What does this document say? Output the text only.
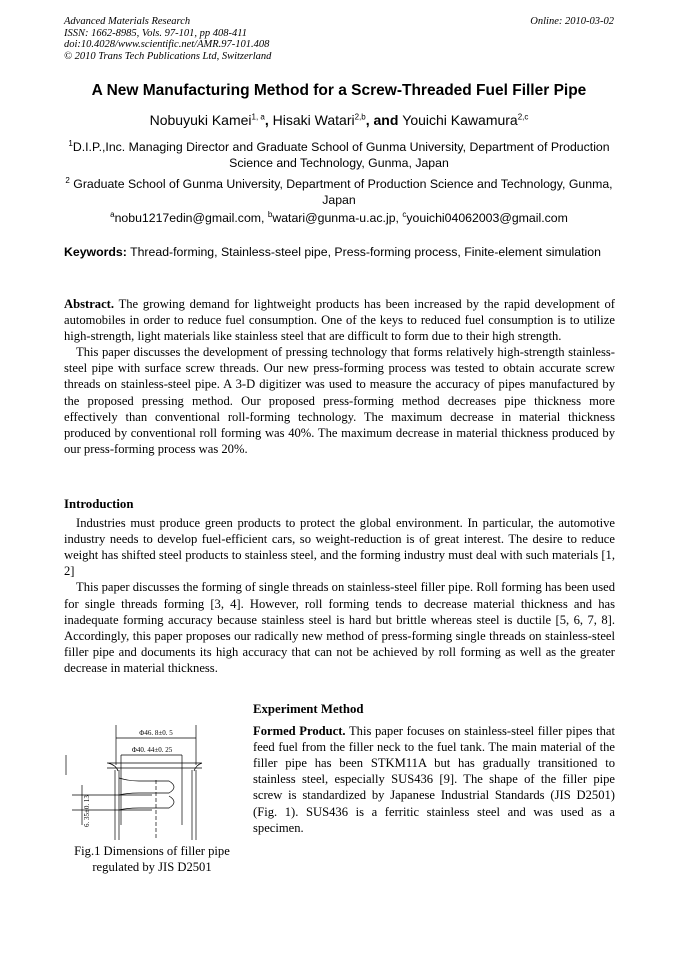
Advanced Materials Research
ISSN: 1662-8985, Vols. 97-101, pp 408-411
doi:10.4028/www.scientific.net/AMR.97-101.408
© 2010 Trans Tech Publications Ltd, Switzerland
Online: 2010-03-02
A New Manufacturing Method for a Screw-Threaded Fuel Filler Pipe
Nobuyuki Kamei$^{1, a}$, Hisaki Watari$^{2,b}$, and Youichi Kawamura$^{2,c}$
$^1$D.I.P.,Inc. Managing Director and Graduate School of Gunma University, Department of Production Science and Technology, Gunma, Japan
$^2$ Graduate School of Gunma University, Department of Production Science and Technology, Gunma, Japan
$^a$nobu1217edin@gmail.com, $^b$watari@gunma-u.ac.jp, $^c$youichi04062003@gmail.com
Keywords: Thread-forming, Stainless-steel pipe, Press-forming process, Finite-element simulation

Abstract. The growing demand for lightweight products has been increased by the rapid development of automobiles in order to reduce fuel consumption. One of the keys to reduced fuel consumption is to utilize high-strength, light materials like stainless steel that are difficult to form due to their high strength.

This paper discusses the development of pressing technology that forms relatively high-strength stainless-steel pipe with surface screw threads. Our new press-forming process was tested to obtain accurate screw threads on stainless-steel pipe. A 3-D digitizer was used to measure the accuracy of pipes manufactured by the proposed pressing method. Our proposed press-forming method decreases pipe thickness more effectively than conventional roll-forming technology. The maximum decrease in material thickness produced by conventional roll forming was 40%. The maximum decrease in material thickness produced by our press-forming process was 20%.

Introduction

Industries must produce green products to protect the global environment. In particular, the automotive industry needs to develop fuel-efficient cars, so weight-reduction is of great interest. The desire to reduce weight has shifted steel products to stainless steel, and the forming industry must deal with such materials [1, 2]

This paper discusses the forming of single threads on stainless-steel filler pipe. Roll forming has been used for single threads forming [3, 4]. However, roll forming tends to decrease material thickness and has inadequate forming accuracy because stainless steel is hard but brittle whereas steel is ductile [5, 6, 7, 8]. Accordingly, this paper proposes our radically new method of press-forming single threads on stainless-steel filler pipe and documents its high accuracy that can not be achieved by roll forming as well as the greater decrease in material thickness.

Experiment Method

Formed Product. This paper focuses on stainless-steel filler pipes that feed fuel from the filler neck to the fuel tank. The main material of the filler pipe has been STKM11A but has gradually transitioned to stainless steel, especially SUS436 [9]. The shape of the filler pipe screw is standardized by Japanese Industrial Standards (JIS D2501) (Fig. 1). SUS436 is a ferritic stainless steel and was used as a specimen.

Φ46. 8±0. 5
Φ40. 44±0. 25
6. 35±0. 13
Fig.1 Dimensions of filler pipe regulated by JIS D2501
